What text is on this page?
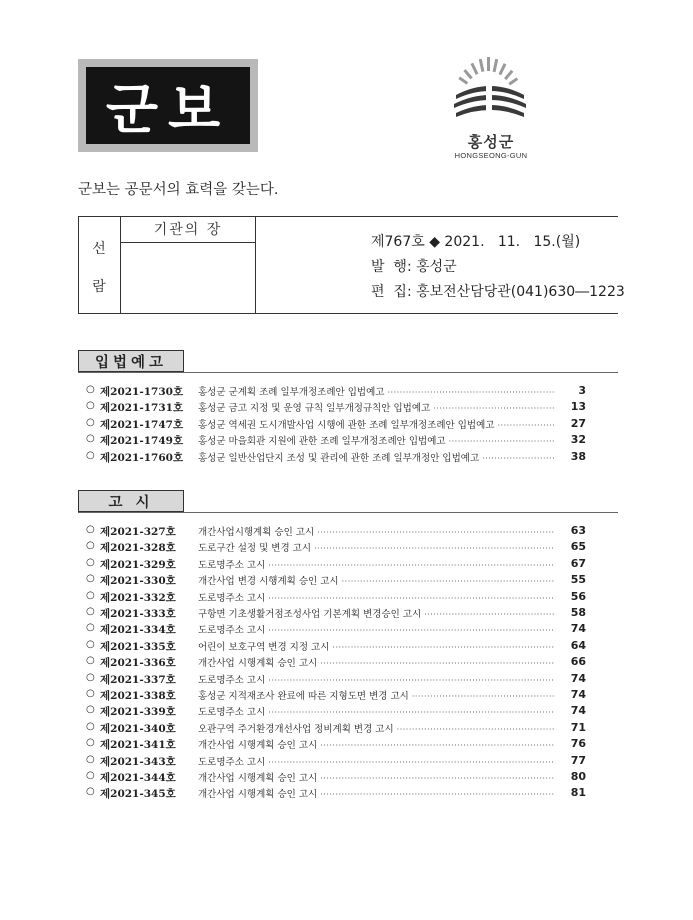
군보
홍성군
HONGSEONG-GUN
군보는 공문서의 효력을 갖는다.
선
람
기관의 장
제767호 ◆ 2021.   11.   15.(월)
발  행: 홍성군
편  집: 홍보전산담당관(041)630―1223
입법예고
○ 제2021-1730호 홍성군 군계획 조례 일부개정조례안 입법예고 ·····	3
○ 제2021-1731호 홍성군 금고 지정 및 운영 규칙 일부개정규칙안 입법예고 ·····	13
○ 제2021-1747호 홍성군 역세권 도시개발사업 시행에 관한 조례 일부개정조례안 입법예고 ·····	27
○ 제2021-1749호 홍성군 마을회관 지원에 관한 조례 일부개정조례안 입법예고 ·····	32
○ 제2021-1760호 홍성군 일반산업단지 조성 및 관리에 관한 조례 일부개정안 입법예고 ·····	38
고 시
○ 제2021-327호 개간사업시행계획 승인 고시 ·····	63
○ 제2021-328호 도로구간 설정 및 변경 고시 ·····	65
○ 제2021-329호 도로명주소 고시 ·····	67
○ 제2021-330호 개간사업 변경 시행계획 승인 고시 ·····	55
○ 제2021-332호 도로명주소 고시 ·····	56
○ 제2021-333호 구항면 기초생활거점조성사업 기본계획 변경승인 고시 ·····	58
○ 제2021-334호 도로명주소 고시 ·····	74
○ 제2021-335호 어린이 보호구역 변경 지정 고시 ·····	64
○ 제2021-336호 개간사업 시행계획 승인 고시 ·····	66
○ 제2021-337호 도로명주소 고시 ·····	74
○ 제2021-338호 홍성군 지적재조사 완료에 따른 지형도면 변경 고시 ·····	74
○ 제2021-339호 도로명주소 고시 ·····	74
○ 제2021-340호 오관구역 주거환경개선사업 정비계획 변경 고시 ·····	71
○ 제2021-341호 개간사업 시행계획 승인 고시 ·····	76
○ 제2021-343호 도로명주소 고시 ·····	77
○ 제2021-344호 개간사업 시행계획 승인 고시 ·····	80
○ 제2021-345호 개간사업 시행계획 승인 고시 ·····	81
